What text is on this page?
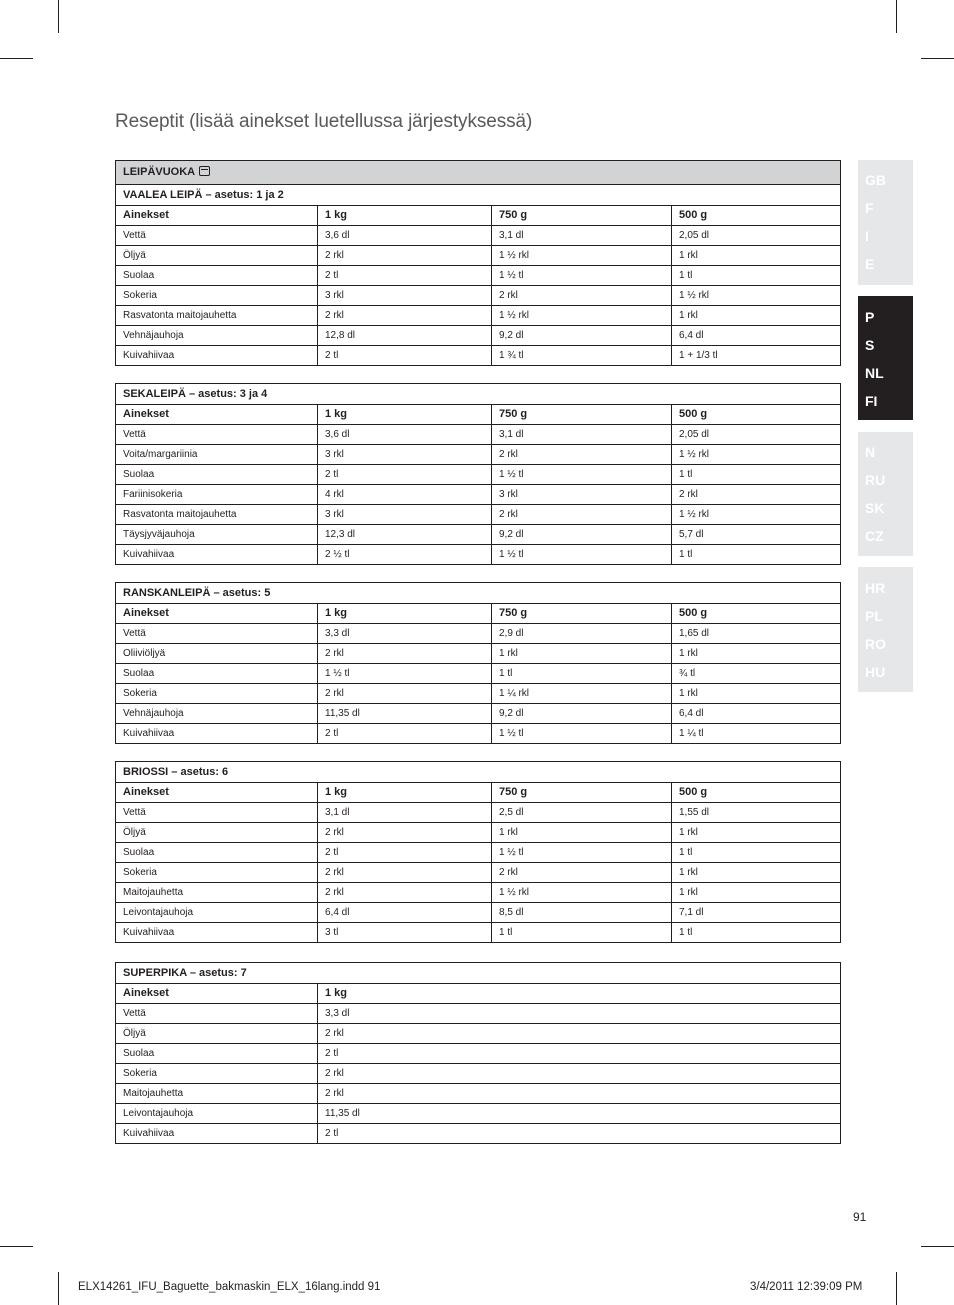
Reseptit (lisää ainekset luetellussa järjestyksessä)
LEIPÄVUOKA			
VAALEA LEIPÄ – asetus: 1 ja 2			
Ainekset	1 kg	750 g	500 g
Vettä	3,6 dl	3,1 dl	2,05 dl
Öljyä	2 rkl	1 ½ rkl	1 rkl
Suolaa	2 tl	1 ½ tl	1 tl
Sokeria	3 rkl	2 rkl	1 ½ rkl
Rasvatonta maitojauhetta	2 rkl	1 ½ rkl	1 rkl
Vehnäjauhoja	12,8 dl	9,2 dl	6,4 dl
Kuivahiivaa	2 tl	1 ¾ tl	1 + 1/3 tl
SEKALEIPÄ – asetus: 3 ja 4			
Ainekset	1 kg	750 g	500 g
Vettä	3,6 dl	3,1 dl	2,05 dl
Voita/margariinia	3 rkl	2 rkl	1 ½ rkl
Suolaa	2 tl	1 ½ tl	1 tl
Fariinisokeria	4 rkl	3 rkl	2 rkl
Rasvatonta maitojauhetta	3 rkl	2 rkl	1 ½ rkl
Täysjyväjauhoja	12,3 dl	9,2 dl	5,7 dl
Kuivahiivaa	2 ½ tl	1 ½ tl	1 tl
RANSKANLEIPÄ – asetus: 5			
Ainekset	1 kg	750 g	500 g
Vettä	3,3 dl	2,9 dl	1,65 dl
Oliiviöljyä	2 rkl	1 rkl	1 rkl
Suolaa	1 ½ tl	1 tl	¾ tl
Sokeria	2 rkl	1 ¼ rkl	1 rkl
Vehnäjauhoja	11,35 dl	9,2 dl	6,4 dl
Kuivahiivaa	2 tl	1 ½ tl	1 ¼ tl
BRIOSSI – asetus: 6			
Ainekset	1 kg	750 g	500 g
Vettä	3,1 dl	2,5 dl	1,55 dl
Öljyä	2 rkl	1 rkl	1 rkl
Suolaa	2 tl	1 ½ tl	1 tl
Sokeria	2 rkl	2 rkl	1 rkl
Maitojauhetta	2 rkl	1 ½ rkl	1 rkl
Leivontajauhoja	6,4 dl	8,5 dl	7,1 dl
Kuivahiivaa	3 tl	1 tl	1 tl
SUPERPIKA – asetus: 7	
Ainekset	1 kg
Vettä	3,3 dl
Öljyä	2 rkl
Suolaa	2 tl
Sokeria	2 rkl
Maitojauhetta	2 rkl
Leivontajauhoja	11,35 dl
Kuivahiivaa	2 tl
GB
F
I
E
P
S
NL
FI
N
RU
SK
CZ
HR
PL
RO
HU
91
ELX14261_IFU_Baguette_bakmaskin_ELX_16lang.indd 91	3/4/2011 12:39:09 PM
